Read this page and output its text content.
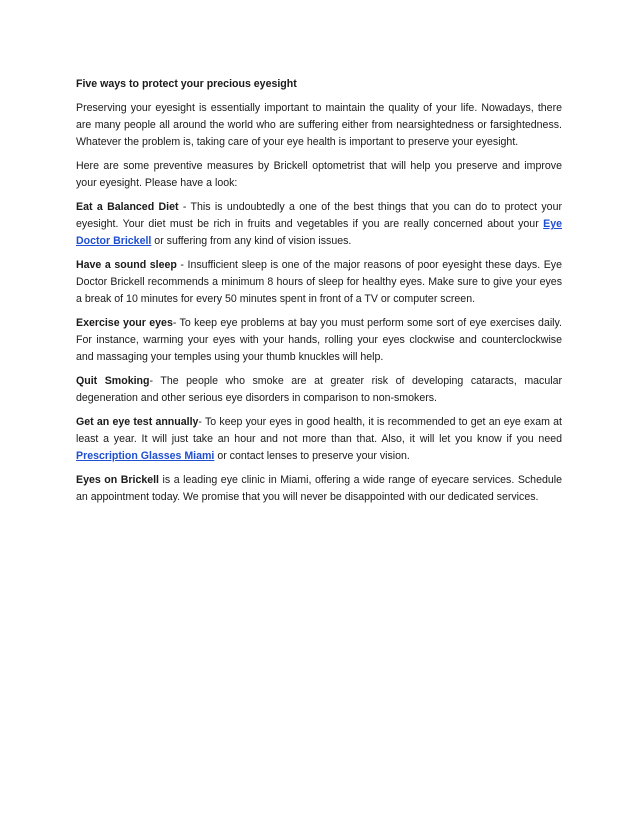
Five ways to protect your precious eyesight

Preserving your eyesight is essentially important to maintain the quality of your life. Nowadays, there are many people all around the world who are suffering either from nearsightedness or farsightedness. Whatever the problem is, taking care of your eye health is important to preserve your eyesight.

Here are some preventive measures by Brickell optometrist that will help you preserve and improve your eyesight. Please have a look:

Eat a Balanced Diet - This is undoubtedly a one of the best things that you can do to protect your eyesight. Your diet must be rich in fruits and vegetables if you are really concerned about your Eye Doctor Brickell or suffering from any kind of vision issues.

Have a sound sleep - Insufficient sleep is one of the major reasons of poor eyesight these days. Eye Doctor Brickell recommends a minimum 8 hours of sleep for healthy eyes. Make sure to give your eyes a break of 10 minutes for every 50 minutes spent in front of a TV or computer screen.

Exercise your eyes- To keep eye problems at bay you must perform some sort of eye exercises daily. For instance, warming your eyes with your hands, rolling your eyes clockwise and counterclockwise and massaging your temples using your thumb knuckles will help.

Quit Smoking- The people who smoke are at greater risk of developing cataracts, macular degeneration and other serious eye disorders in comparison to non-smokers.

Get an eye test annually- To keep your eyes in good health, it is recommended to get an eye exam at least a year. It will just take an hour and not more than that. Also, it will let you know if you need Prescription Glasses Miami or contact lenses to preserve your vision.

Eyes on Brickell is a leading eye clinic in Miami, offering a wide range of eyecare services. Schedule an appointment today. We promise that you will never be disappointed with our dedicated services.
